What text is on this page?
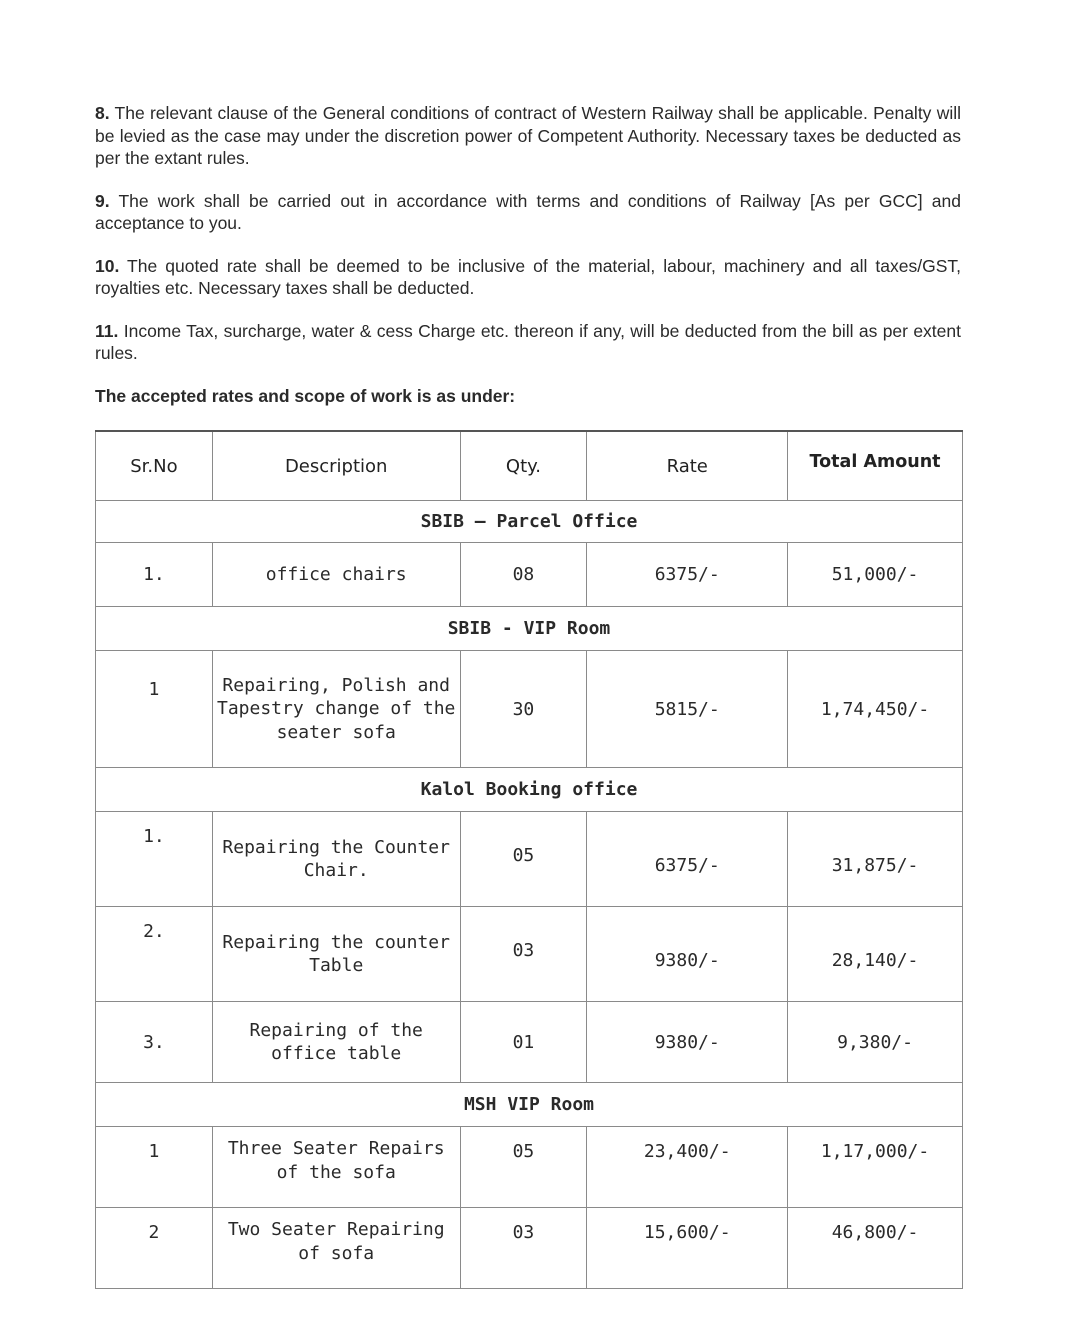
8. The relevant clause of the General conditions of contract of Western Railway shall be applicable. Penalty will be levied as the case may under the discretion power of Competent Authority. Necessary taxes be deducted as per the extant rules.

9. The work shall be carried out in accordance with terms and conditions of Railway [As per GCC] and acceptance to you.

10. The quoted rate shall be deemed to be inclusive of the material, labour, machinery and all taxes/GST, royalties etc. Necessary taxes shall be deducted.

11. Income Tax, surcharge, water & cess Charge etc. thereon if any, will be deducted from the bill as per extent rules.

The accepted rates and scope of work is as under:

Sr.No	Description	Qty.	Rate	Total Amount
SBIB – Parcel Office				
1.	office chairs	08	6375/-	51,000/-
SBIB - VIP Room				
1	Repairing, Polish and Tapestry change of the seater sofa	30	5815/-	1,74,450/-
Kalol Booking office				
1.	Repairing the Counter Chair.	05	6375/-	31,875/-
2.	Repairing the counter Table	03	9380/-	28,140/-
3.	Repairing of the office table	01	9380/-	9,380/-
MSH VIP Room				
1	Three Seater Repairs of the sofa	05	23,400/-	1,17,000/-
2	Two Seater Repairing of sofa	03	15,600/-	46,800/-
